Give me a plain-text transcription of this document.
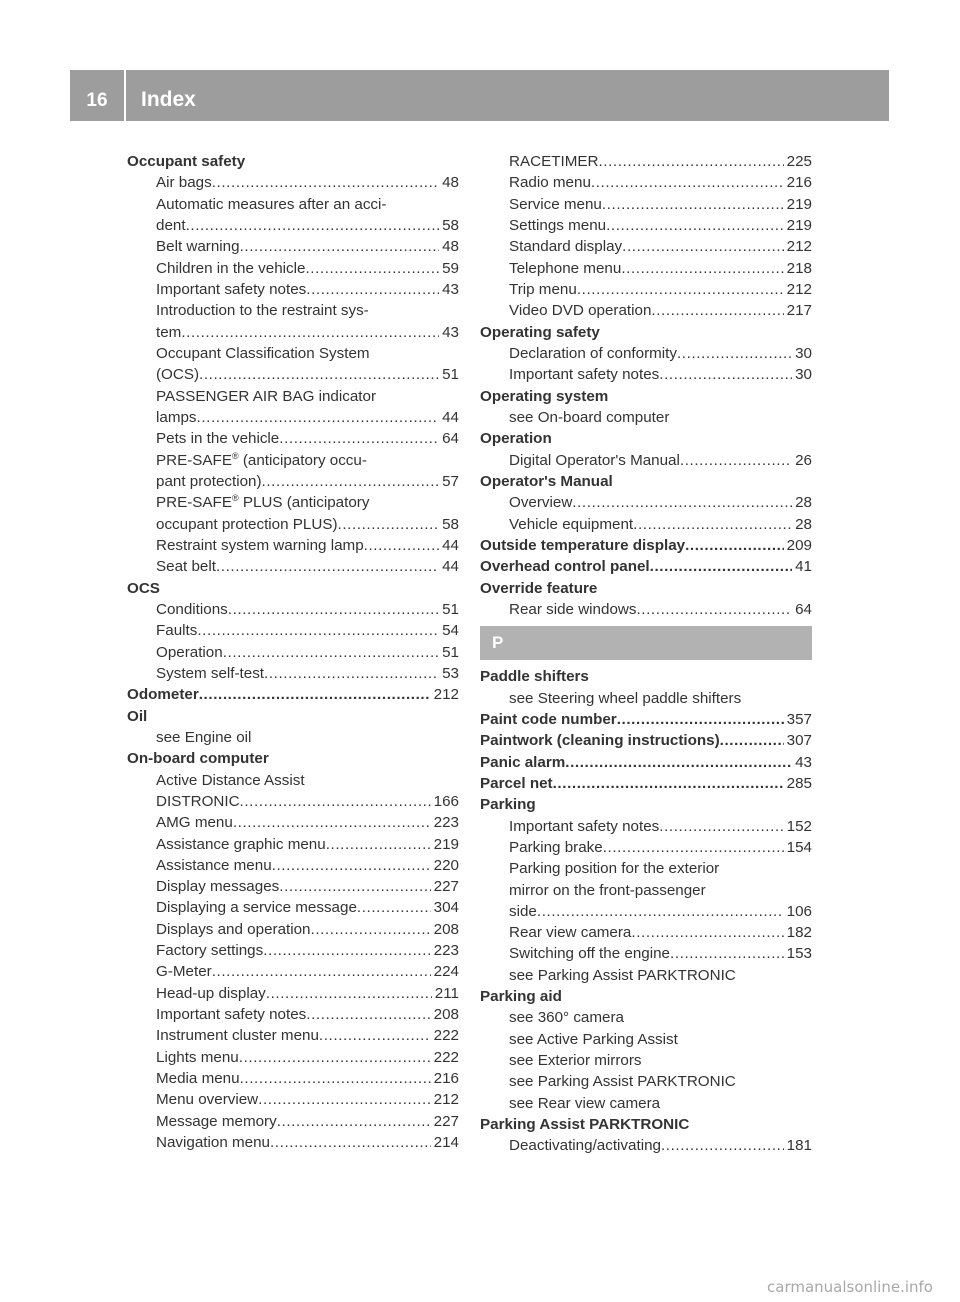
16	Index
Occupant safety
Air bags .....	48
Automatic measures after an acci-
dent .....	58
Belt warning .....	48
Children in the vehicle .....	59
Important safety notes .....	43
Introduction to the restraint sys-
tem .....	43
Occupant Classification System
(OCS) .....	51
PASSENGER AIR BAG indicator
lamps .....	44
Pets in the vehicle .....	64
PRE-SAFE® (anticipatory occu-
pant protection) .....	57
PRE-SAFE® PLUS (anticipatory
occupant protection PLUS) .....	58
Restraint system warning lamp .....	44
Seat belt .....	44
OCS
Conditions .....	51
Faults .....	54
Operation .....	51
System self-test .....	53
Odometer .....	212
Oil
see Engine oil
On-board computer
Active Distance Assist
DISTRONIC .....	166
AMG menu .....	223
Assistance graphic menu .....	219
Assistance menu .....	220
Display messages .....	227
Displaying a service message .....	304
Displays and operation .....	208
Factory settings .....	223
G-Meter .....	224
Head-up display .....	211
Important safety notes .....	208
Instrument cluster menu .....	222
Lights menu .....	222
Media menu .....	216
Menu overview .....	212
Message memory .....	227
Navigation menu .....	214
RACETIMER .....	225
Radio menu .....	216
Service menu .....	219
Settings menu .....	219
Standard display .....	212
Telephone menu .....	218
Trip menu .....	212
Video DVD operation .....	217
Operating safety
Declaration of conformity .....	30
Important safety notes .....	30
Operating system
see On-board computer
Operation
Digital Operator's Manual .....	26
Operator's Manual
Overview .....	28
Vehicle equipment .....	28
Outside temperature display .....	209
Overhead control panel .....	41
Override feature
Rear side windows .....	64
P
Paddle shifters
see Steering wheel paddle shifters
Paint code number .....	357
Paintwork (cleaning instructions) .....	307
Panic alarm .....	43
Parcel net .....	285
Parking
Important safety notes .....	152
Parking brake .....	154
Parking position for the exterior
mirror on the front-passenger
side .....	106
Rear view camera .....	182
Switching off the engine .....	153
see Parking Assist PARKTRONIC
Parking aid
see 360° camera
see Active Parking Assist
see Exterior mirrors
see Parking Assist PARKTRONIC
see Rear view camera
Parking Assist PARKTRONIC
Deactivating/activating .....	181
carmanualsonline.info
